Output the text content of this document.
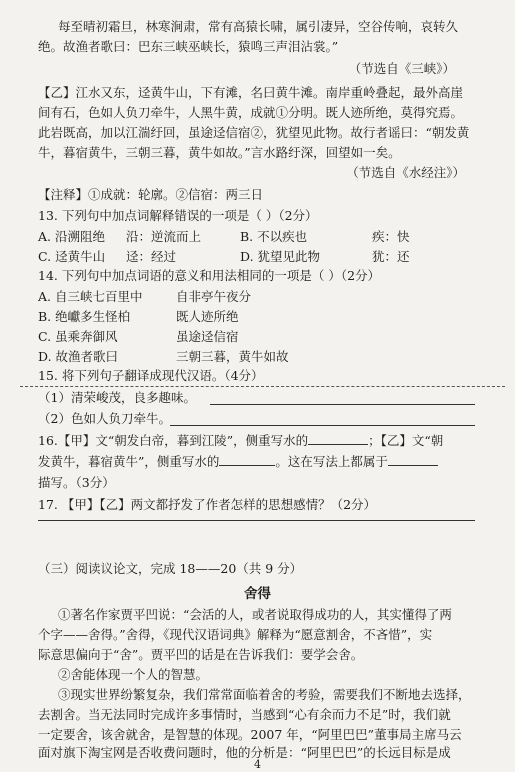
每至晴初霜旦，林寒涧肃，常有高猿长啸，属引凄异，空谷传响，哀转久
绝。故渔者歌曰：巴东三峡巫峡长，猿鸣三声泪沾裳。”
（节选自《三峡》）
【乙】江水又东，迳黄牛山，下有滩，名曰黄牛滩。南岸重岭叠起，最外高崖
间有石，色如人负刀牵牛，人黑牛黄，成就①分明。既人迹所绝，莫得究焉。
此岩既高，加以江湍纡回，虽途迳信宿②，犹望见此物。故行者谣曰：“朝发黄
牛，暮宿黄牛，三朝三暮，黄牛如故。”言水路纡深，回望如一矣。
（节选自《水经注》）
【注释】①成就：轮廓。②信宿：两三日
13. 下列句中加点词解释错误的一项是（ ）（2分）
A. 沿溯阻绝 沿：逆流而上	B. 不以疾也	疾：快
C. 迳黄牛山 迳：经过	D. 犹望见此物	犹：还
14. 下列句中加点词语的意义和用法相同的一项是（ ）（2分）
A. 自三峡七百里中	自非亭午夜分
B. 绝巘多生怪柏	既人迹所绝
C. 虽乘奔御风	虽途迳信宿
D. 故渔者歌曰	三朝三暮，黄牛如故
15. 将下列句子翻译成现代汉语。（4分）
（1）清荣峻茂，良多趣味。
（2）色如人负刀牵牛。
16.【甲】文“朝发白帝，暮到江陵”，侧重写水的	；【乙】文“朝
发黄牛，暮宿黄牛”，侧重写水的	。这在写法上都属于
描写。（3分）
17. 【甲】【乙】两文都抒发了作者怎样的思想感情？（2分）
（三）阅读议论文，完成 18——20（共 9 分）
舍得
①著名作家贾平凹说：“会活的人，或者说取得成功的人，其实懂得了两
个字——舍得。”舍得，《现代汉语词典》解释为“愿意割舍，不吝惜”，实
际意思偏向于“舍”。贾平凹的话是在告诉我们：要学会舍。
②舍能体现一个人的智慧。
③现实世界纷繁复杂，我们常常面临着舍的考验，需要我们不断地去选择，
去割舍。当无法同时完成许多事情时，当感到“心有余而力不足”时，我们就
一定要舍，该舍就舍，是智慧的体现。2007 年，“阿里巴巴”董事局主席马云
面对旗下淘宝网是否收费问题时，他的分析是：“阿里巴巴”的长远目标是成
4
